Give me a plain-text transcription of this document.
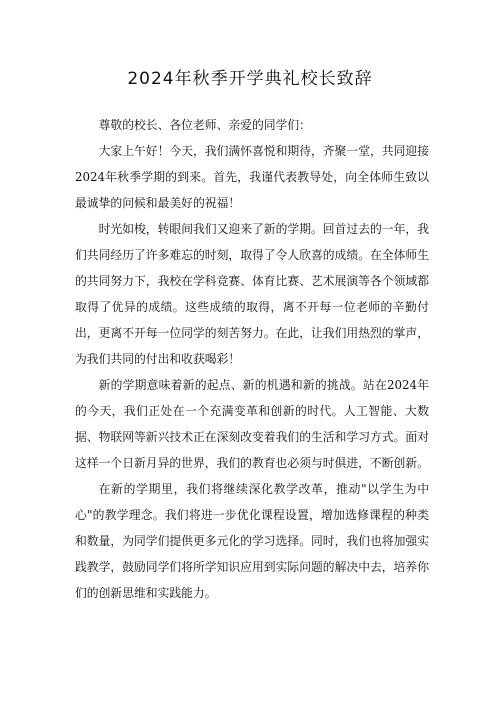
2024年秋季开学典礼校长致辞

尊敬的校长、各位老师、亲爱的同学们：

大家上午好！今天，我们满怀喜悦和期待，齐聚一堂，共同迎接2024年秋季学期的到来。首先，我谨代表教导处，向全体师生致以最诚挚的问候和最美好的祝福！

时光如梭，转眼间我们又迎来了新的学期。回首过去的一年，我们共同经历了许多难忘的时刻，取得了令人欣喜的成绩。在全体师生的共同努力下，我校在学科竞赛、体育比赛、艺术展演等各个领域都取得了优异的成绩。这些成绩的取得，离不开每一位老师的辛勤付出，更离不开每一位同学的刻苦努力。在此，让我们用热烈的掌声，为我们共同的付出和收获喝彩！

新的学期意味着新的起点、新的机遇和新的挑战。站在2024年的今天，我们正处在一个充满变革和创新的时代。人工智能、大数据、物联网等新兴技术正在深刻改变着我们的生活和学习方式。面对这样一个日新月异的世界，我们的教育也必须与时俱进，不断创新。

在新的学期里，我们将继续深化教学改革，推动"以学生为中心"的教学理念。我们将进一步优化课程设置，增加选修课程的种类和数量，为同学们提供更多元化的学习选择。同时，我们也将加强实践教学，鼓励同学们将所学知识应用到实际问题的解决中去，培养你们的创新思维和实践能力。
